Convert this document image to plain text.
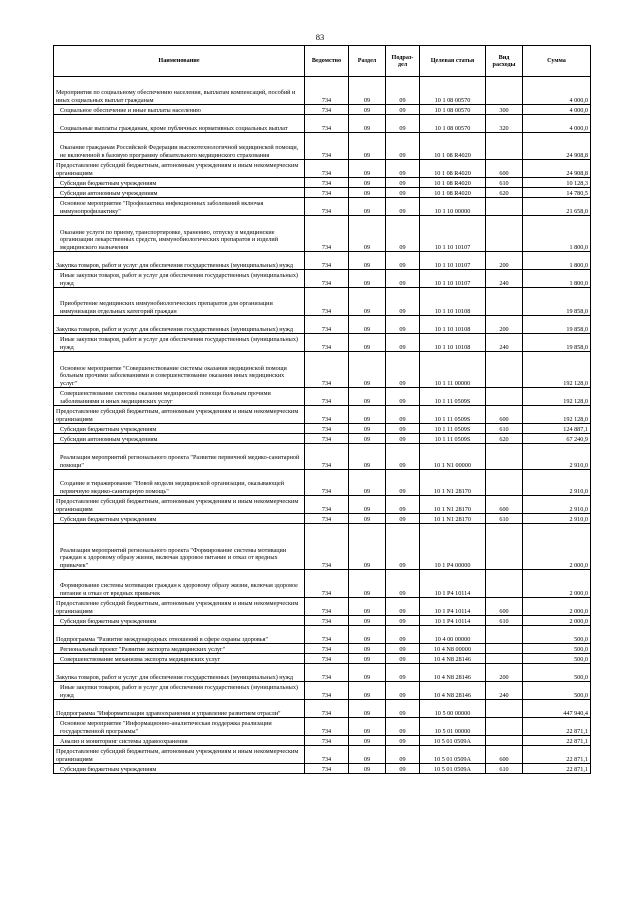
83
Наименование	Ведомство	Раздел	Подраз-дел	Целевая статья	Вид расходы	Сумма
Мероприятия по социальному обеспечению населения, выплатам компенсаций, пособий и иных социальных выплат гражданам	734	09	09	10 1 08 00570		4 000,0
Социальное обеспечение и иные выплаты населению	734	09	09	10 1 08 00570	300	4 000,0
Социальные выплаты гражданам, кроме публичных нормативных социальных выплат	734	09	09	10 1 08 00570	320	4 000,0
Оказание гражданам Российской Федерации высокотехнологичной медицинской помощи, не включенной в базовую программу обязательного медицинского страхования	734	09	09	10 1 08 R4020		24 908,8
Предоставление субсидий бюджетным, автономным учреждениям и иным некоммерческим организациям	734	09	09	10 1 08 R4020	600	24 908,8
Субсидии бюджетным учреждениям	734	09	09	10 1 08 R4020	610	10 128,3
Субсидии автономным учреждениям	734	09	09	10 1 08 R4020	620	14 780,5
Основное мероприятие "Профилактика инфекционных заболеваний включая иммунопрофилактику"	734	09	09	10 1 10 00000		21 658,0
Оказание услуги по приему, транспортировке, хранению, отпуску в медицинские организации лекарственных средств, иммунобиологических препаратов и изделий медицинского назначения	734	09	09	10 1 10 10107		1 800,0
Закупка товаров, работ и услуг для обеспечения государственных (муниципальных) нужд	734	09	09	10 1 10 10107	200	1 800,0
Иные закупки товаров, работ и услуг для обеспечения государственных (муниципальных) нужд	734	09	09	10 1 10 10107	240	1 800,0
Приобретение медицинских иммунобиологических препаратов для организации иммунизации отдельных категорий граждан	734	09	09	10 1 10 10108		19 858,0
Закупка товаров, работ и услуг для обеспечения государственных (муниципальных) нужд	734	09	09	10 1 10 10108	200	19 858,0
Иные закупки товаров, работ и услуг для обеспечения государственных (муниципальных) нужд	734	09	09	10 1 10 10108	240	19 858,0
Основное мероприятие "Совершенствование системы оказания медицинской помощи больным прочими заболеваниями и совершенствование оказания иных медицинских услуг"	734	09	09	10 1 11 00000		192 128,0
Совершенствование системы оказания медицинской помощи больным прочими заболеваниями и иных медицинских услуг	734	09	09	10 1 11 0509S		192 128,0
Предоставление субсидий бюджетным, автономным учреждениям и иным некоммерческим организациям	734	09	09	10 1 11 0509S	600	192 128,0
Субсидии бюджетным учреждениям	734	09	09	10 1 11 0509S	610	124 887,1
Субсидии автономным учреждениям	734	09	09	10 1 11 0509S	620	67 240,9
Реализация мероприятий регионального проекта "Развитие первичной медико-санитарной помощи"	734	09	09	10 1 N1 00000		2 910,0
Создание и тиражирование "Новой модели медицинской организации, оказывающей первичную медико-санитарную помощь"	734	09	09	10 1 N1 28170		2 910,0
Предоставление субсидий бюджетным, автономным учреждениям и иным некоммерческим организациям	734	09	09	10 1 N1 28170	600	2 910,0
Субсидии бюджетным учреждениям	734	09	09	10 1 N1 28170	610	2 910,0
Реализация мероприятий регионального проекта "Формирование системы мотивации граждан к здоровому образу жизни, включая здоровое питание и отказ от вредных привычек"	734	09	09	10 1 P4 00000		2 000,0
Формирование системы мотивации граждан к здоровому образу жизни, включая здоровое питание и отказ от вредных привычек	734	09	09	10 1 P4 10114		2 000,0
Предоставление субсидий бюджетным, автономным учреждениям и иным некоммерческим организациям	734	09	09	10 1 P4 10114	600	2 000,0
Субсидии бюджетным учреждениям	734	09	09	10 1 P4 10114	610	2 000,0
Подпрограмма "Развитие международных отношений в сфере охраны здоровья"	734	09	09	10 4 00 00000		500,0
Региональный проект "Развитие экспорта медицинских услуг"	734	09	09	10 4 N8 00000		500,0
Совершенствование механизма экспорта медицинских услуг	734	09	09	10 4 N8 28146		500,0
Закупка товаров, работ и услуг для обеспечения государственных (муниципальных) нужд	734	09	09	10 4 N8 28146	200	500,0
Иные закупки товаров, работ и услуг для обеспечения государственных (муниципальных) нужд	734	09	09	10 4 N8 28146	240	500,0
Подпрограмма "Информатизация здравоохранения и управление развитием отрасли"	734	09	09	10 5 00 00000		447 940,4
Основное мероприятие "Информационно-аналитическая поддержка реализации государственной программы"	734	09	09	10 5 01 00000		22 871,1
Анализ и мониторинг системы здравоохранения	734	09	09	10 5 01 0509A		22 871,1
Предоставление субсидий бюджетным, автономным учреждениям и иным некоммерческим организациям	734	09	09	10 5 01 0509A	600	22 871,1
Субсидии бюджетным учреждениям	734	09	09	10 5 01 0509A	610	22 871,1
